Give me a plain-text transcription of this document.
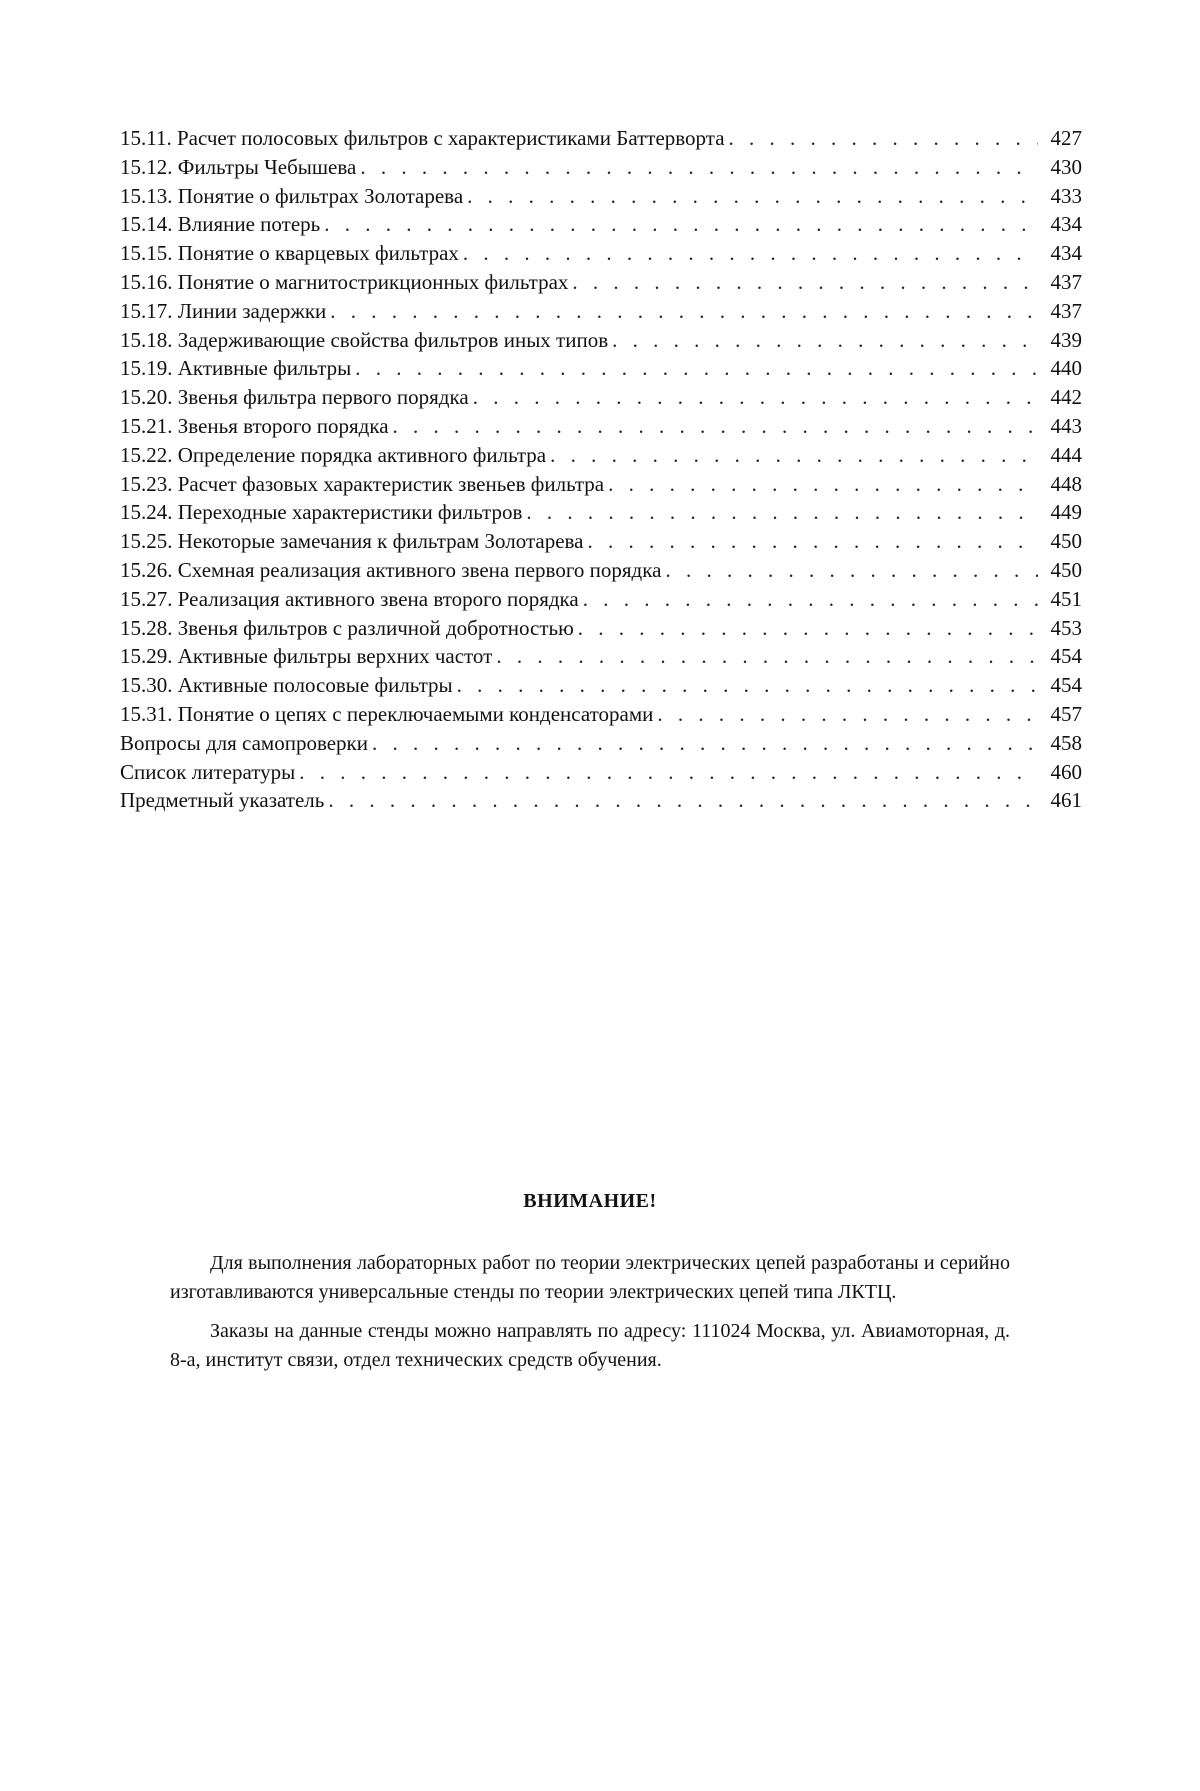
15.11. Расчет полосовых фильтров с характеристиками Баттерворта . . .	427
15.12. Фильтры Чебышева . . .	430
15.13. Понятие о фильтрах Золотарева . . .	433
15.14. Влияние потерь . . .	434
15.15. Понятие о кварцевых фильтрах . . .	434
15.16. Понятие о магнитострикционных фильтрах . . .	437
15.17. Линии задержки . . .	437
15.18. Задерживающие свойства фильтров иных типов . . .	439
15.19. Активные фильтры . . .	440
15.20. Звенья фильтра первого порядка . . .	442
15.21. Звенья второго порядка . . .	443
15.22. Определение порядка активного фильтра . . .	444
15.23. Расчет фазовых характеристик звеньев фильтра . . .	448
15.24. Переходные характеристики фильтров . . .	449
15.25. Некоторые замечания к фильтрам Золотарева . . .	450
15.26. Схемная реализация активного звена первого порядка . . .	450
15.27. Реализация активного звена второго порядка . . .	451
15.28. Звенья фильтров с различной добротностью . . .	453
15.29. Активные фильтры верхних частот . . .	454
15.30. Активные полосовые фильтры . . .	454
15.31. Понятие о цепях с переключаемыми конденсаторами . . .	457
Вопросы для самопроверки . . .	458
Список литературы . . .	460
Предметный указатель . . .	461
ВНИМАНИЕ!

Для выполнения лабораторных работ по теории электрических цепей разработаны и серийно изготавливаются универсальные стенды по теории электрических цепей типа ЛКТЦ.

Заказы на данные стенды можно направлять по адресу: 111024 Москва, ул. Авиамоторная, д. 8-а, институт связи, отдел технических средств обучения.
